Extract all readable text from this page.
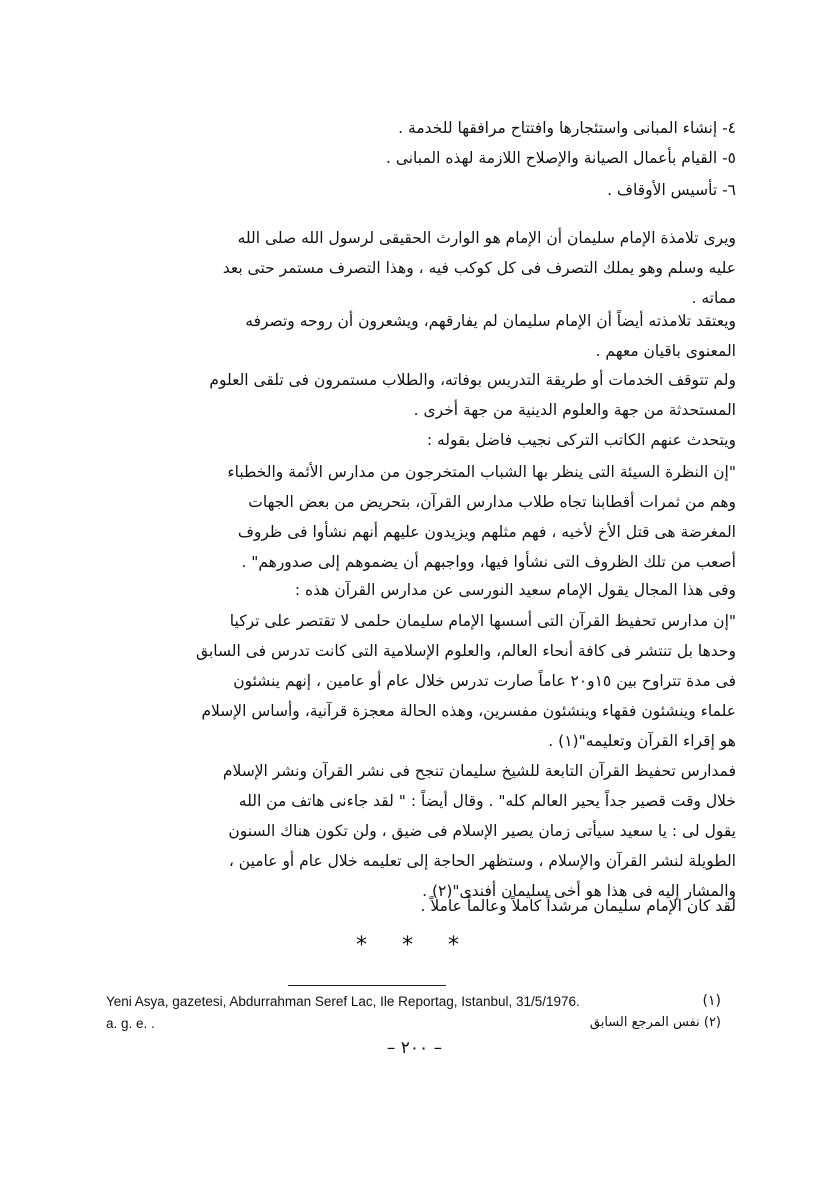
٤- إنشاء المبانى واستئجارها وافتتاح مرافقها للخدمة .
٥- القيام بأعمال الصيانة والإصلاح اللازمة لهذه المبانى .
٦- تأسيس الأوقاف .
ويرى تلامذة الإمام سليمان أن الإمام هو الوارث الحقيقى لرسول الله صلى الله
عليه وسلم وهو يملك التصرف فى كل كوكب فيه ، وهذا التصرف مستمر حتى بعد
مماته .
ويعتقد تلامذته أيضاً أن الإمام سليمان لم يفارقهم، ويشعرون أن روحه وتصرفه
المعنوى باقيان معهم .
ولم تتوقف الخدمات أو طريقة التدريس بوفاته، والطلاب مستمرون فى تلقى العلوم
المستحدثة من جهة والعلوم الدينية من جهة أخرى .
ويتحدث عنهم الكاتب التركى نجيب فاضل بقوله :
"إن النظرة السيئة التى ينظر بها الشباب المتخرجون من مدارس الأئمة والخطباء
وهم من ثمرات أقطابنا تجاه طلاب مدارس القرآن، بتحريض من بعض الجهات
المغرضة هى قتل الأخ لأخيه ، فهم مثلهم ويزيدون عليهم أنهم نشأوا فى ظروف
أصعب من تلك الظروف التى نشأوا فيها، وواجبهم أن يضموهم إلى صدورهم" .
وفى هذا المجال يقول الإمام سعيد النورسى عن مدارس القرآن هذه :
"إن مدارس تحفيظ القرآن التى أسسها الإمام سليمان حلمى لا تقتصر على تركيا
وحدها بل تنتشر فى كافة أنحاء العالم، والعلوم الإسلامية التى كانت تدرس فى السابق
فى مدة تتراوح بين ١٥و٢٠ عاماً صارت تدرس خلال عام أو عامين ، إنهم ينشئون
علماء وينشئون فقهاء وينشئون مفسرين، وهذه الحالة معجزة قرآنية، وأساس الإسلام
هو إقراء القرآن وتعليمه"(١) .
فمدارس تحفيظ القرآن التابعة للشيخ سليمان تنجح فى نشر القرآن ونشر الإسلام
خلال وقت قصير جداً يحير العالم كله" . وقال أيضاً : " لقد جاءنى هاتف من الله
يقول لى : يا سعيد سيأتى زمان يصير الإسلام فى ضيق ، ولن تكون هناك السنون
الطويلة لنشر القرآن والإسلام ، وستظهر الحاجة إلى تعليمه خلال عام أو عامين ،
والمشار إليه فى هذا هو أخى سليمان أفندى"(٢) .
لقد كان الإمام سليمان مرشداً كاملاً وعالماً عاملاً .
* * *
(١)
Yeni Asya, gazetesi, Abdurrahman Seref Lac, Ile Reportag, Istanbul, 31/5/1976.
(٢) نفس المرجع السابق
a. g. e. .
– ٢٠٠ –
